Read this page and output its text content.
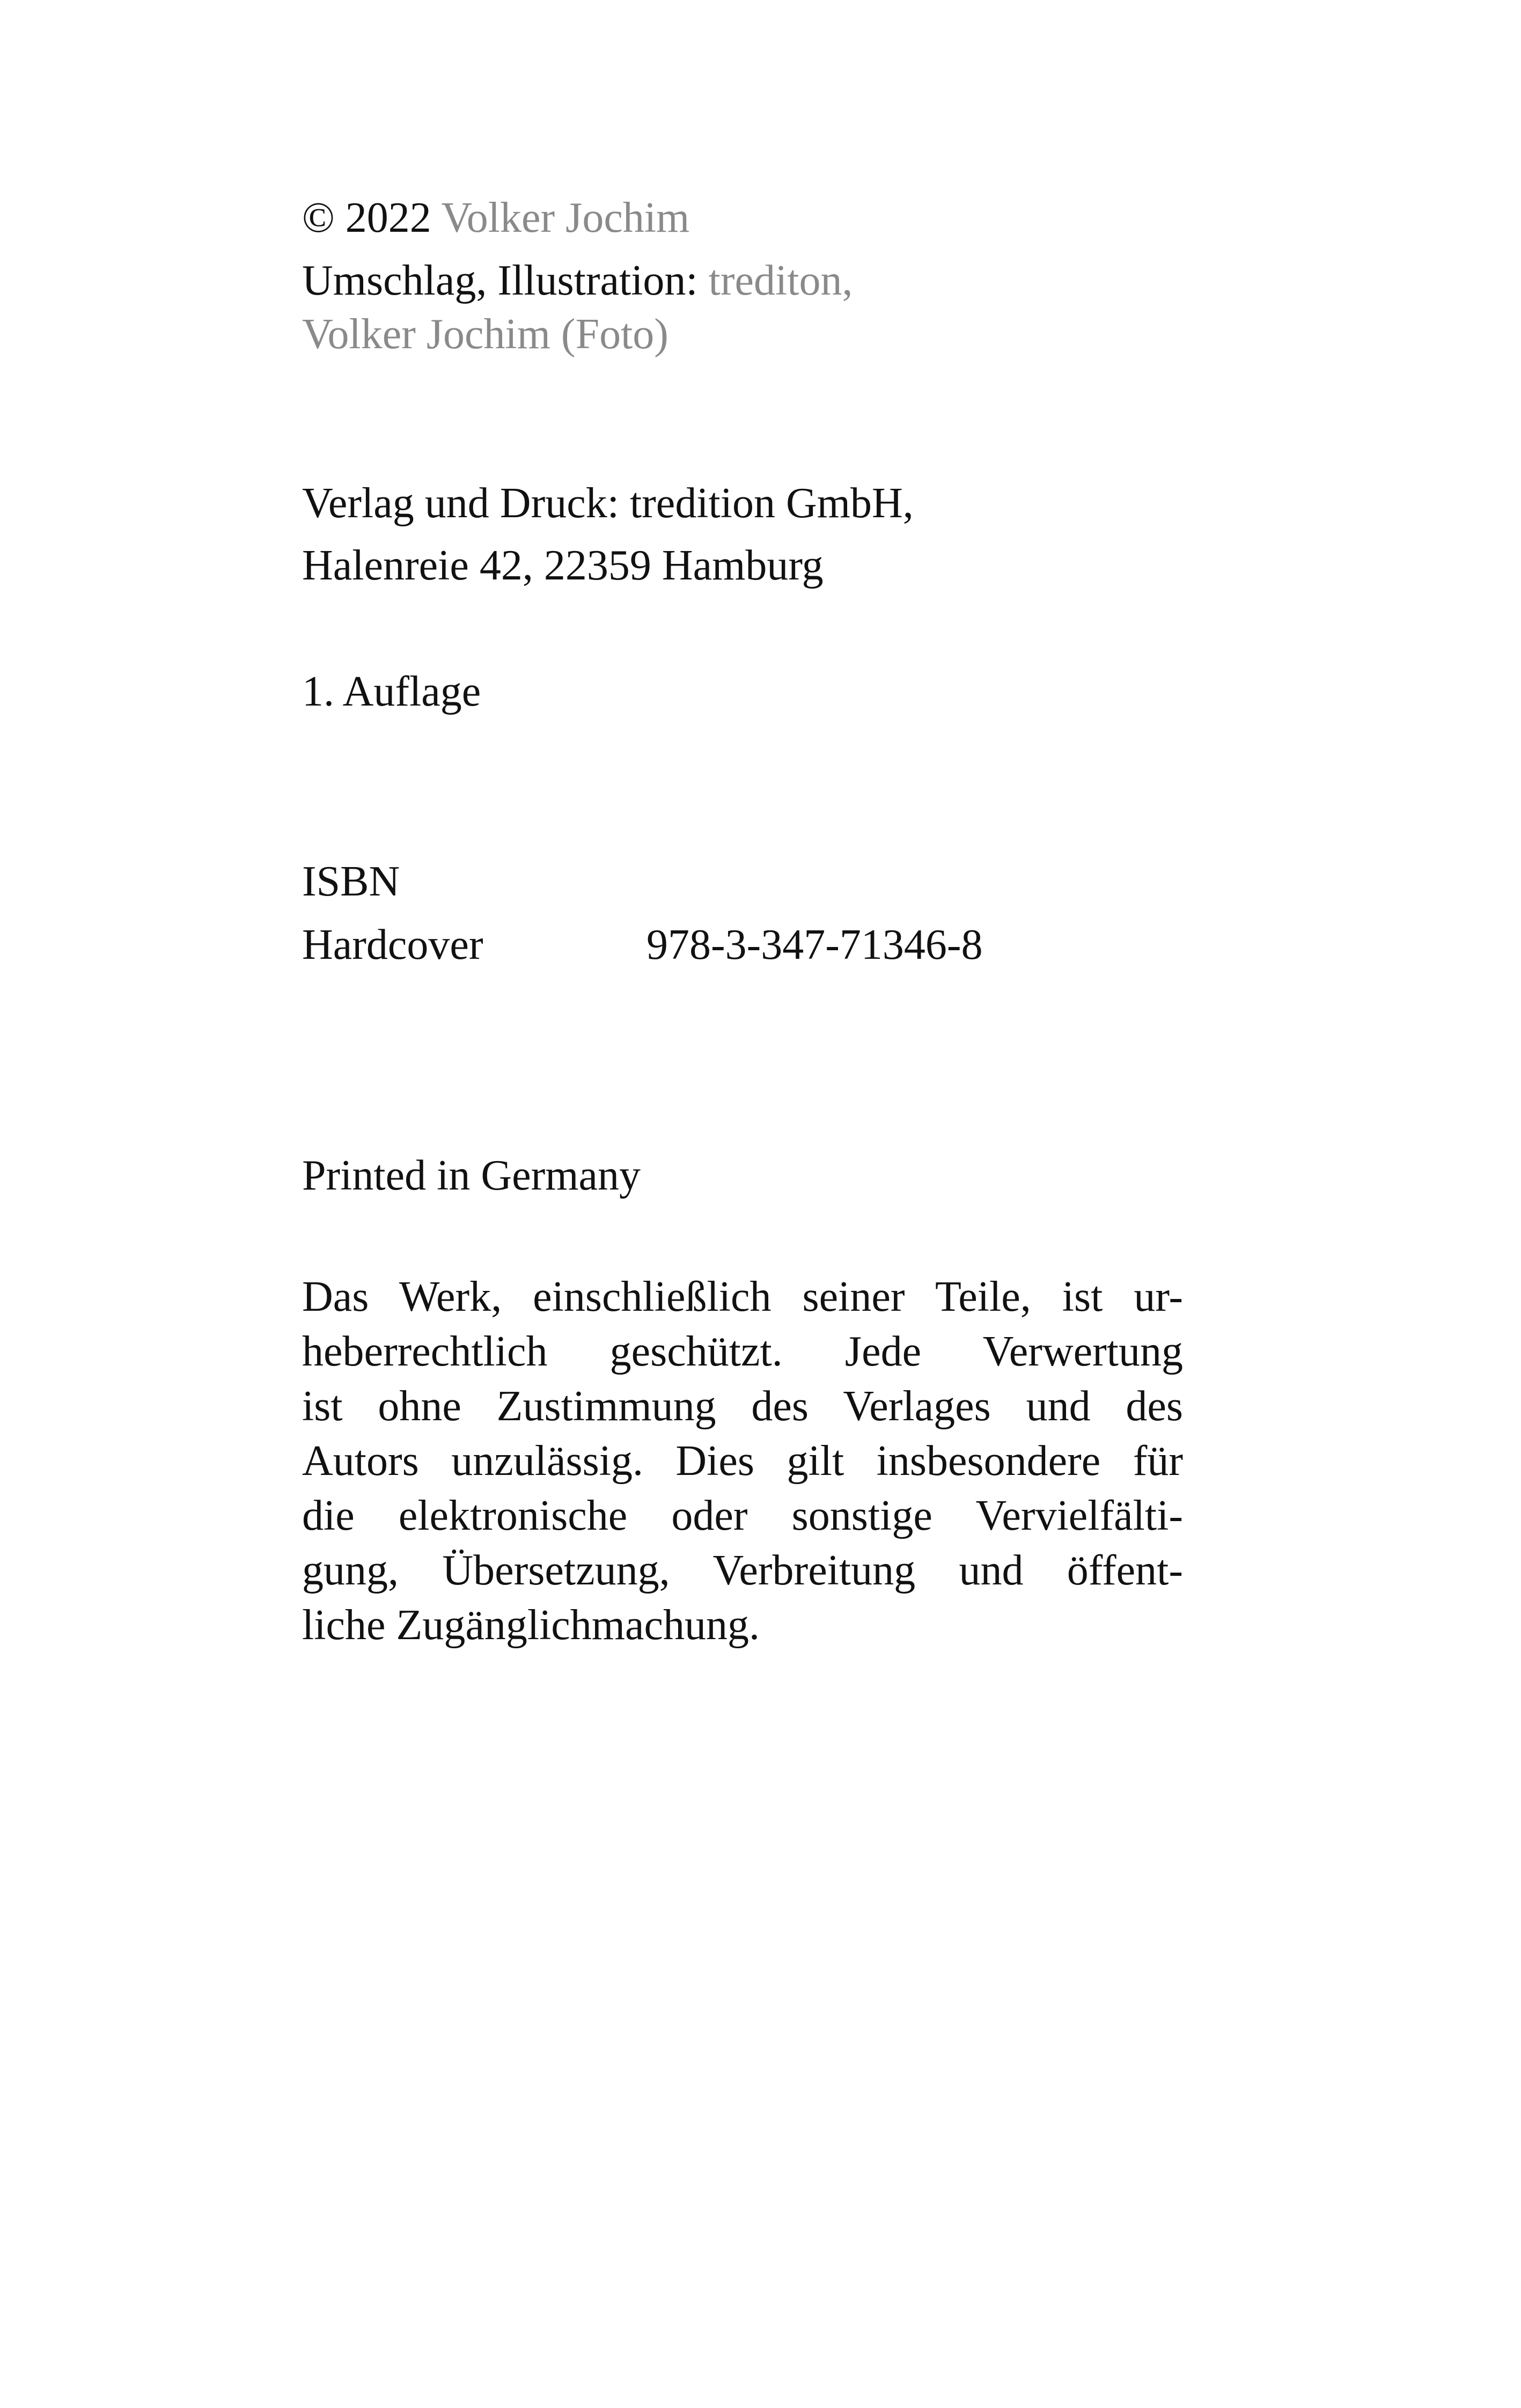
© 2022 Volker Jochim
Umschlag, Illustration: trediton,
Volker Jochim (Foto)
Verlag und Druck: tredition GmbH,
Halenreie 42, 22359 Hamburg
1. Auflage
ISBN
Hardcover	978-3-347-71346-8
Printed in Germany
Das Werk, einschließlich seiner Teile, ist ur-
heberrechtlich geschützt. Jede Verwertung
ist ohne Zustimmung des Verlages und des
Autors unzulässig. Dies gilt insbesondere für
die elektronische oder sonstige Vervielfälti-
gung, Übersetzung, Verbreitung und öffent-
liche Zugänglichmachung.
